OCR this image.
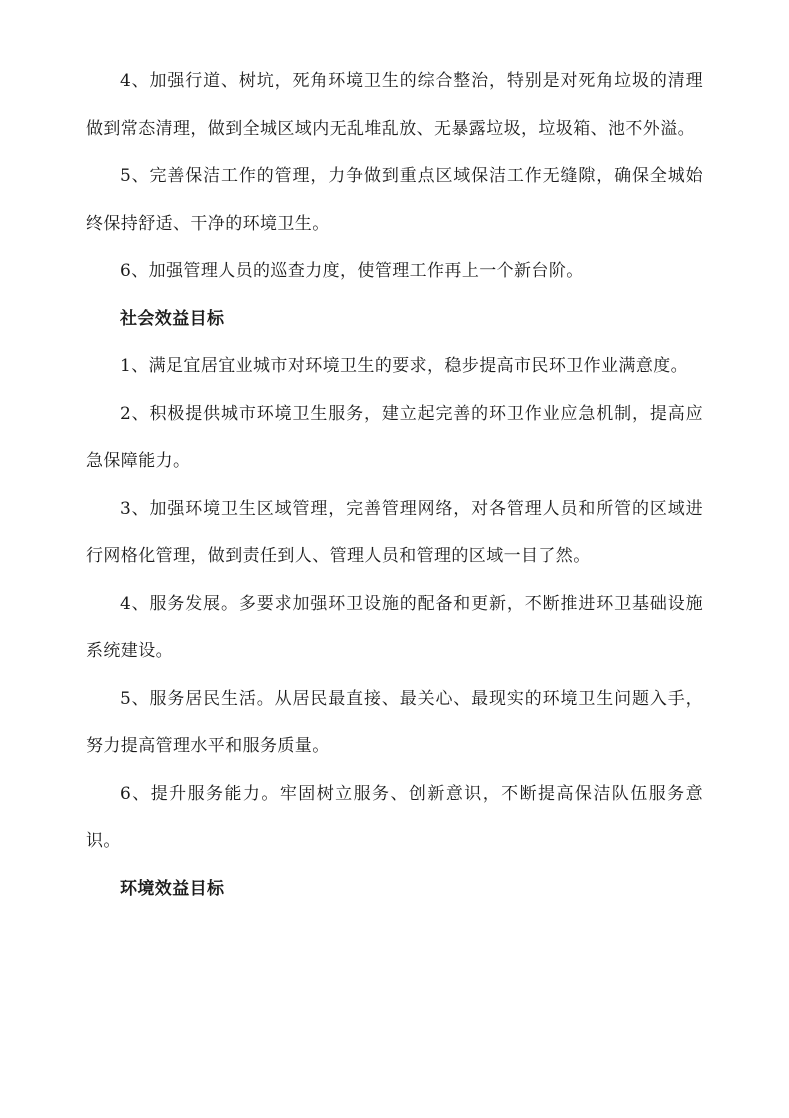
4、加强行道、树坑，死角环境卫生的综合整治，特别是对死角垃圾的清理做到常态清理，做到全城区域内无乱堆乱放、无暴露垃圾，垃圾箱、池不外溢。

5、完善保洁工作的管理，力争做到重点区域保洁工作无缝隙，确保全城始终保持舒适、干净的环境卫生。

6、加强管理人员的巡查力度，使管理工作再上一个新台阶。

社会效益目标

1、满足宜居宜业城市对环境卫生的要求，稳步提高市民环卫作业满意度。

2、积极提供城市环境卫生服务，建立起完善的环卫作业应急机制，提高应急保障能力。

3、加强环境卫生区域管理，完善管理网络，对各管理人员和所管的区域进行网格化管理，做到责任到人、管理人员和管理的区域一目了然。

4、服务发展。多要求加强环卫设施的配备和更新，不断推进环卫基础设施系统建设。

5、服务居民生活。从居民最直接、最关心、最现实的环境卫生问题入手，努力提高管理水平和服务质量。

6、提升服务能力。牢固树立服务、创新意识，不断提高保洁队伍服务意识。

环境效益目标
